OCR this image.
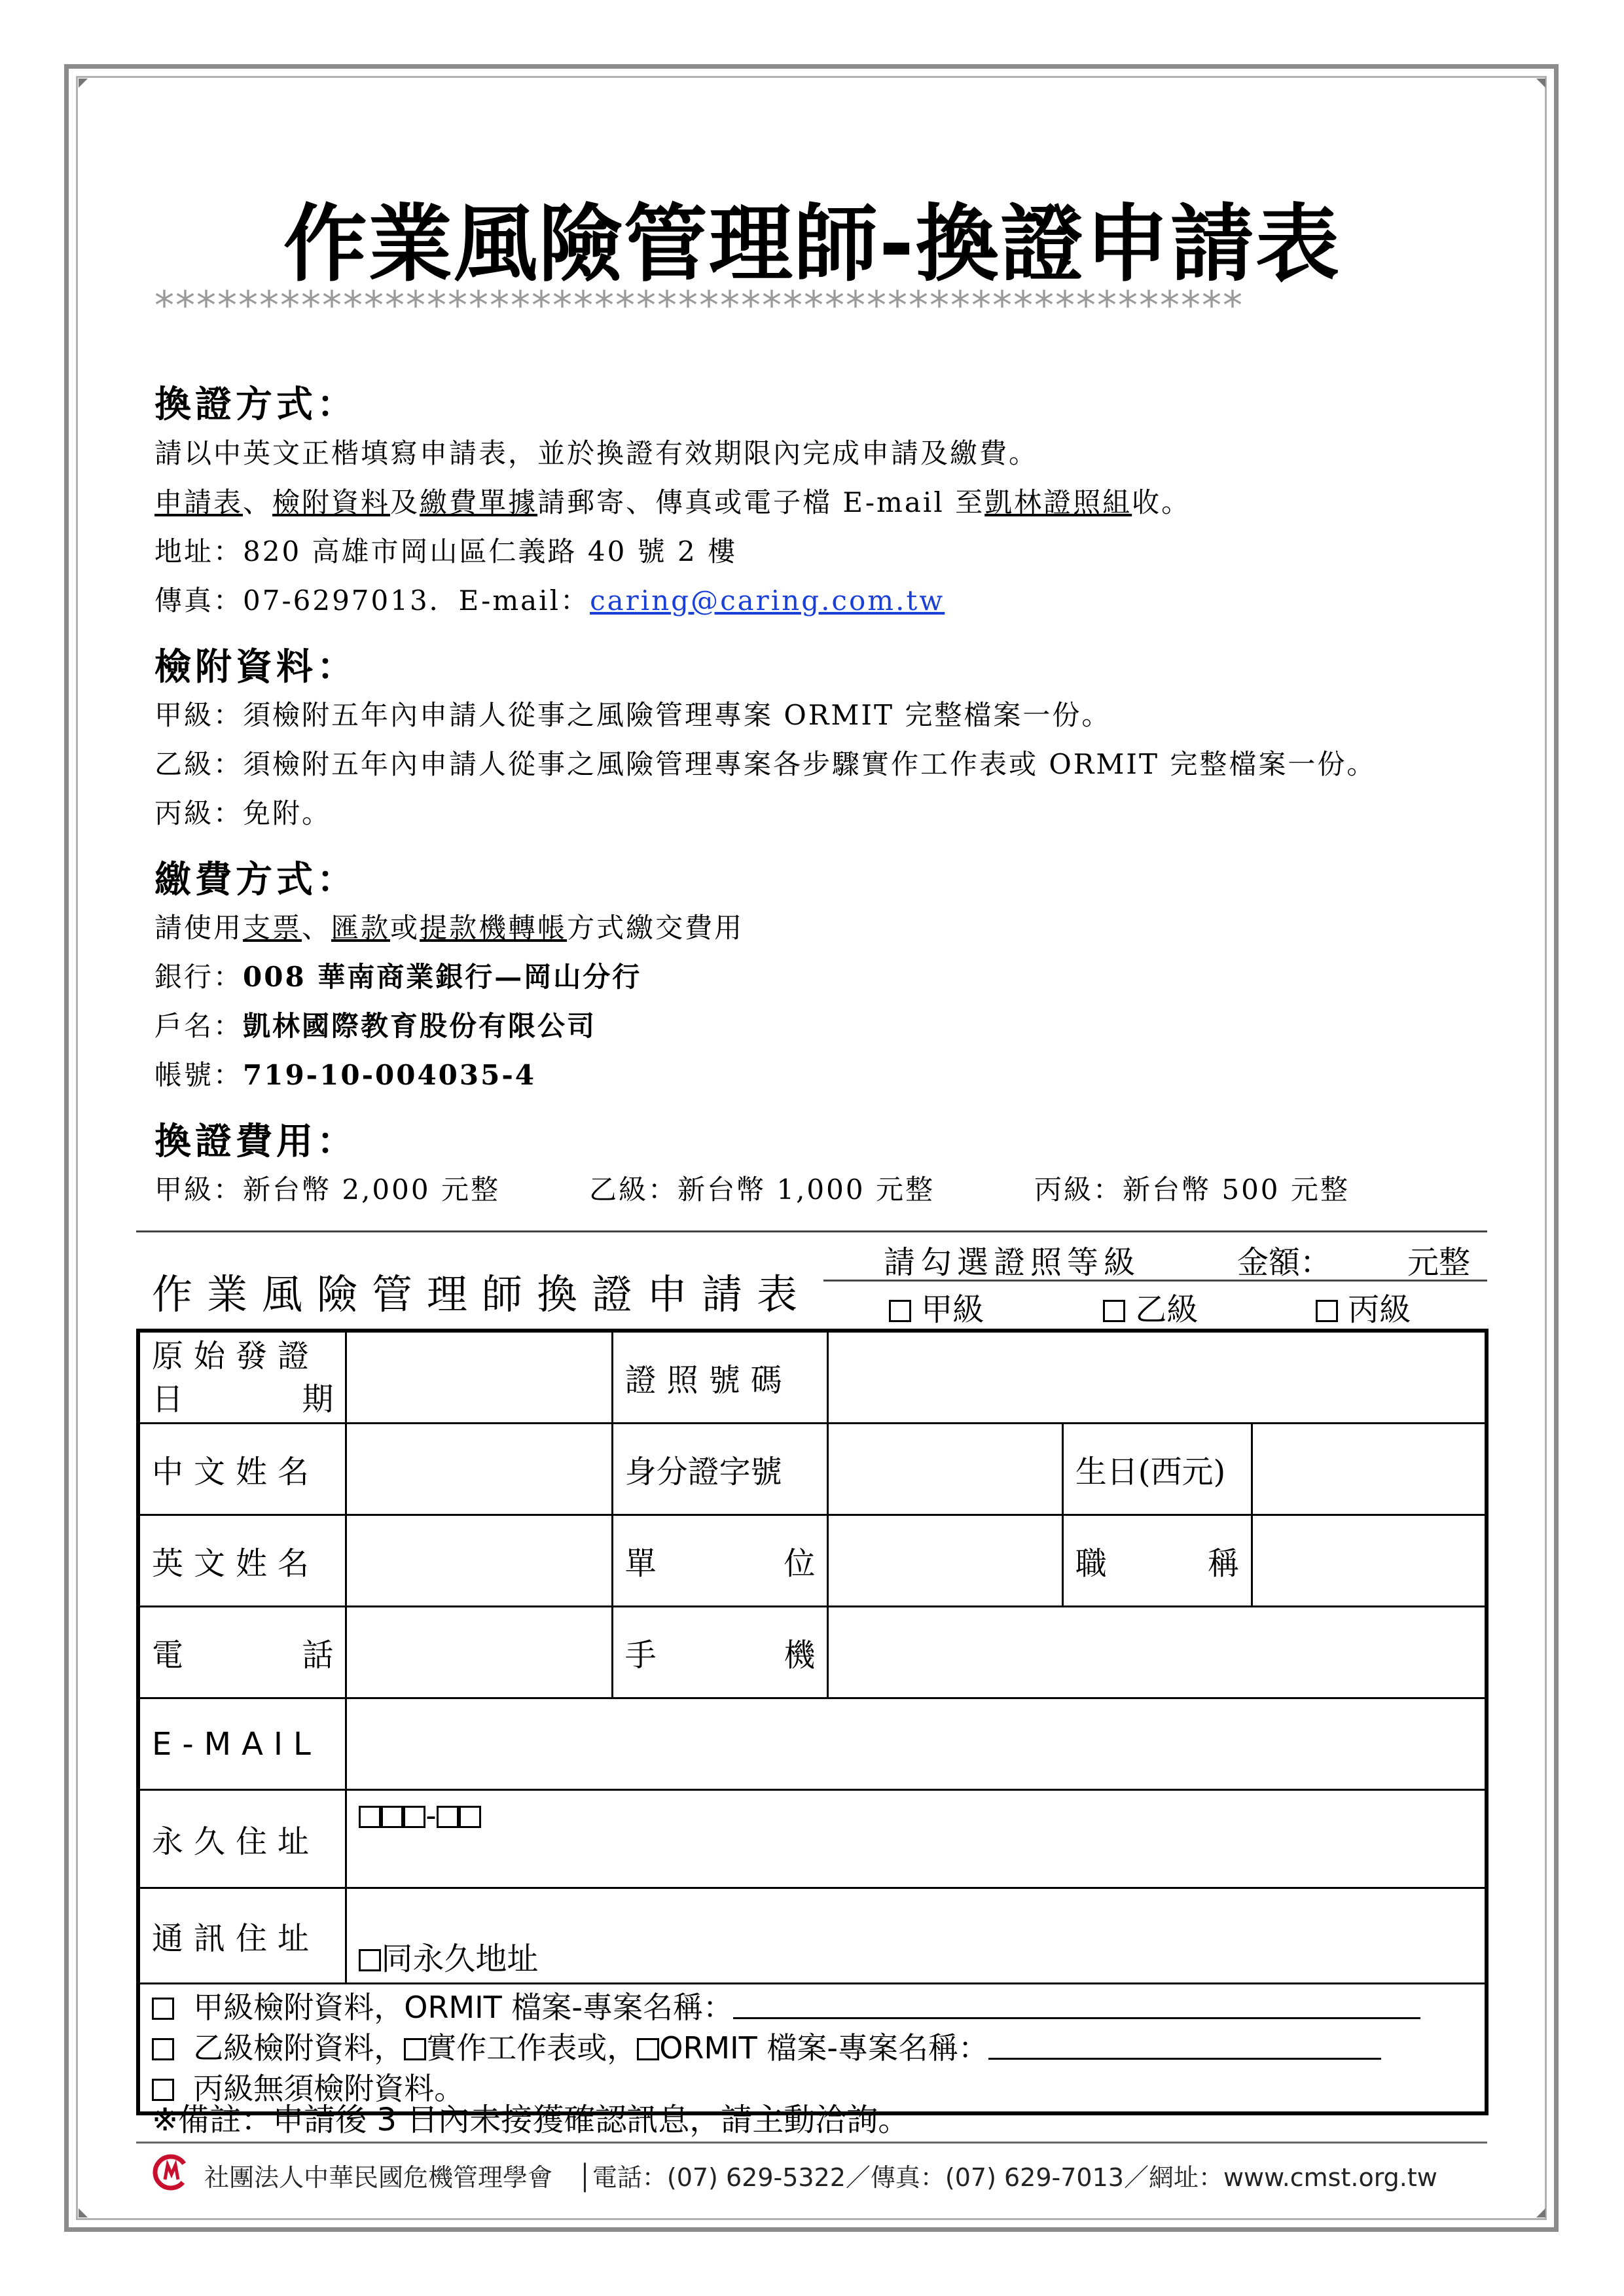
作業風險管理師-換證申請表
****************************************************
換證方式：
請以中英文正楷填寫申請表，並於換證有效期限內完成申請及繳費。
申請表、檢附資料及繳費單據請郵寄、傳真或電子檔 E-mail 至凱林證照組收。
地址：820 高雄市岡山區仁義路 40 號 2 樓
傳真：07-6297013．E-mail：caring@caring.com.tw
檢附資料：
甲級：須檢附五年內申請人從事之風險管理專案 ORMIT 完整檔案一份。
乙級：須檢附五年內申請人從事之風險管理專案各步驟實作工作表或 ORMIT 完整檔案一份。
丙級：免附。
繳費方式：
請使用支票、匯款或提款機轉帳方式繳交費用
銀行：008 華南商業銀行—岡山分行
戶名：凱林國際教育股份有限公司
帳號：719-10-004035-4
換證費用：
甲級：新台幣 2,000 元整	乙級：新台幣 1,000 元整	丙級：新台幣 500 元整
作業風險管理師換證申請表
請勾選證照等級	金額： 元整
甲級	乙級	丙級
原始發證
日 期		證照號碼			
中文姓名		身分證字號		生日(西元)	
英文姓名		單 位		職 稱	

電 話		手 機			

E-MAIL					
永久住址	-				
通訊住址	同永久地址				

甲級檢附資料，ORMIT 檔案-專案名稱：
乙級檢附資料， 實作工作表或， ORMIT 檔案-專案名稱：
丙級無須檢附資料。					
※備註：申請後 3 日內未接獲確認訊息，請主動洽詢。
社團法人中華民國危機管理學會　│電話：(07) 629-5322／傳真：(07) 629-7013／網址：www.cmst.org.tw
